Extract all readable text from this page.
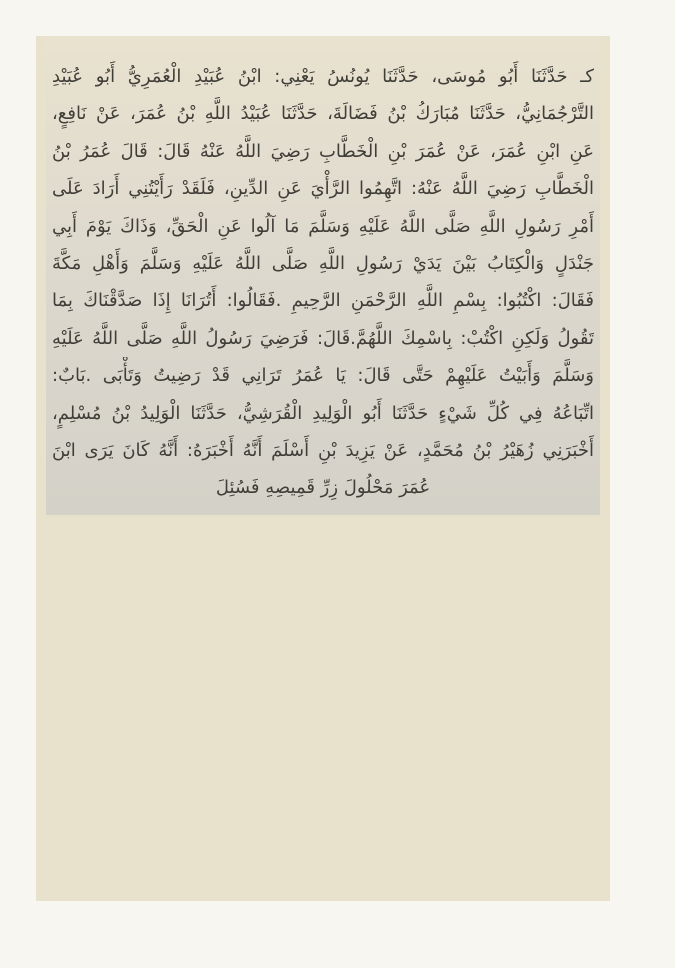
كـ حَدَّثَنَا أَبُو مُوسَى، حَدَّثَنَا يُونُسُ يَعْنِي: ابْنُ عُبَيْدِ الْعُمَرِيُّ أَبُو عُبَيْدِ
التَّرْجُمَانِيُّ، حَدَّثَنَا مُبَارَكُ بْنُ فَضَالَةَ، حَدَّثَنَا عُبَيْدُ اللَّهِ بْنُ عُمَرَ، عَنْ نَافِعٍ،
عَنِ ابْنِ عُمَرَ، عَنْ عُمَرَ بْنِ الْخَطَّابِ رَضِيَ اللَّهُ عَنْهُ قَالَ: قَالَ عُمَرُ بْنُ
الْخَطَّابِ رَضِيَ اللَّهُ عَنْهُ: اتَّهِمُوا الرَّأْيَ عَنِ الدِّينِ، فَلَقَدْ رَأَيْتُنِي أَرَادَ عَلَى
أَمْرِ رَسُولِ اللَّهِ صَلَّى اللَّهُ عَلَيْهِ وَسَلَّمَ مَا آلُوا عَنِ الْحَقِّ، وَذَاكَ يَوْمَ أَبِي
جَنْدَلٍ وَالْكِتَابُ بَيْنَ يَدَيْ رَسُولِ اللَّهِ صَلَّى اللَّهُ عَلَيْهِ وَسَلَّمَ وَأَهْلِ مَكَّةَ
فَقَالَ: اكْتُبُوا: بِسْمِ اللَّهِ الرَّحْمَنِ الرَّحِيمِ .فَقَالُوا: أَتُرَانَا إِذَا صَدَّقْنَاكَ بِمَا
تَقُولُ وَلَكِنِ اكْتُبْ: بِاسْمِكَ اللَّهُمَّ.قَالَ: فَرَضِيَ رَسُولُ اللَّهِ صَلَّى اللَّهُ عَلَيْهِ
وَسَلَّمَ وَأَبَيْتُ عَلَيْهِمْ حَتَّى قَالَ: يَا عُمَرُ تَرَانِي قَدْ رَضِيتُ وَتَأْبَى .بَابٌ:
اتِّبَاعُهُ فِي كُلِّ شَيْءٍ حَدَّثَنَا أَبُو الْوَلِيدِ الْقُرَشِيُّ، حَدَّثَنَا الْوَلِيدُ بْنُ مُسْلِمٍ،
أَخْبَرَنِي زُهَيْرُ بْنُ مُحَمَّدٍ، عَنْ يَزِيدَ بْنِ أَسْلَمَ أَنَّهُ أَخْبَرَهُ: أَنَّهُ كَانَ يَرَى ابْنَ
عُمَرَ مَحْلُولَ زِرِّ قَمِيصِهِ فَسُئِلَ
